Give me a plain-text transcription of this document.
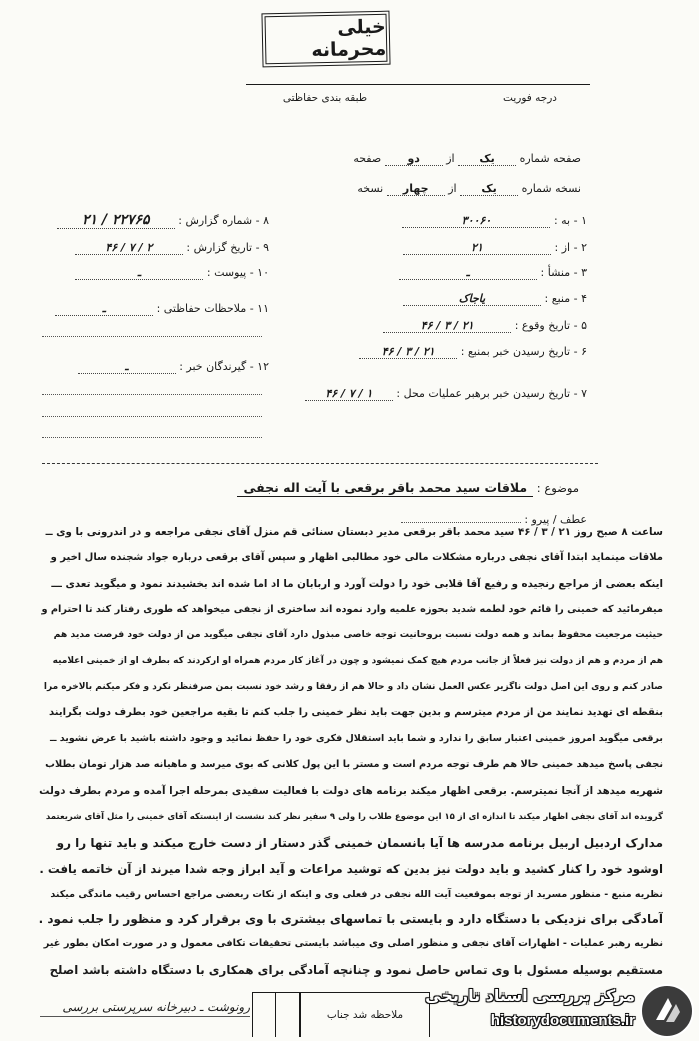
خیلی محرمانه
طبقه بندی حفاظتی	درجه فوریت
صفحه شماره یک از دو صفحه
نسخه شماره یک از چهار نسخه
۱ - به : ۳۰۰۶۰
۲ - از : ۲۱
۳ - منشأ : ـ
۴ - منبع : یاجاک
۵ - تاریخ وقوع : ۲۱ / ۳ / ۴۶
۶ - تاریخ رسیدن خبر بمنبع : ۲۱ / ۳ / ۴۶
۷ - تاریخ رسیدن خبر برهبر عملیات محل : ۱ / ۷ / ۴۶
۸ - شماره گزارش : ۲۲۷۶۵ / ۲۱
۹ - تاریخ گزارش : ۲ / ۷ / ۴۶
۱۰ - پیوست : ـ
۱۱ - ملاحظات حفاظتی : ـ
۱۲ - گیرندگان خبر : ـ
موضوع : ملاقات سید محمد باقر برقعی با آیت اله نجفی
عطف / پیرو :
ساعت ۸ صبح روز ۲۱ / ۳ / ۴۶ سید محمد باقر برقعی مدیر دبستان سنائی قم منزل آقای نجفی مراجعه و در اندرونی با وی ــ
ملاقات مینماید ابتدا آقای نجفی درباره مشکلات مالی خود مطالبی اظهار و سپس آقای برقعی درباره جواد شجنده سال اخیر و
اینکه بعضی از مراجع رنجیده و رفیع آقا قلابی خود را دولت آورد و اربابان ما اد اما شده اند بخشیدند نمود و میگوید تعدی ـــ
میفرمائید که خمینی را قائم خود لطمه شدید بحوزه علمیه وارد نموده اند ساختری از نجفی میخواهد که طوری رفتار کند تا احترام و
حیثیت مرجعیت محفوظ بماند و همه دولت نسبت بروحانیت توجه خاصی مبذول دارد آقای نجفی میگوید من از دولت خود فرصت مدید هم
هم از مردم و هم از دولت نیز فعلاً از جانب مردم هیچ کمک نمیشود و چون در آغاز کار مردم همراه او ارکردند که بطرف او از خمینی اعلامیه
صادر کنم و روی این اصل دولت ناگزیر عکس العمل نشان داد و حالا هم از رفقا و رشد خود نسبت بمن صرفنظر نکرد و فکر میکنم بالاخره مرا
بنقطه ای تهدید نمایند من از مردم میترسم و بدین جهت باید نظر خمینی را جلب کنم تا بقیه مراجعین خود بطرف دولت بگرایند
برقعی میگوید امروز خمینی اعتبار سابق را ندارد و شما باید استقلال فکری خود را حفظ نمائید و وجود داشته باشید با عرض نشوید ــ
نجفی پاسخ میدهد خمینی حالا هم طرف توجه مردم است و مستر با این پول کلانی که بوی میرسد و ماهیانه صد هزار تومان بطلاب
شهریه میدهد از آنجا نمیترسم. برقعی اظهار میکند برنامه های دولت با فعالیت سفیدی بمرحله اجرا آمده و مردم بطرف دولت
گرویده اند آقای نجفی اظهار میکند تا اندازه ای از ۱۵ این موضوع طلاب را ولی ۹ سفیر نظر کند نشست از اینستکه آقای خمینی را مثل آقای شریعتمد
مدارک اردبیل اربیل برنامه مدرسه ها آیا بانسمان خمینی گذر دستار از دست خارج میکند و باید تنها را رو
اوشود خود را کنار کشید و باید دولت نیز بدین که توشید مراعات و آید ابراز وجه شدا میرند از آن خاتمه یافت .
نظریه منبع - منظور مسرید از توجه بموقعیت آیت الله نجفی در فعلی وی و اینکه از نکات ربعضی مراجع احساس رقیب ماندگی میکند
آمادگی برای نزدیکی با دستگاه دارد و بایستی با تماسهای بیشتری با وی برقرار کرد و منظور را جلب نمود .
نظریه رهبر عملیات - اظهارات آقای نجفی و منظور اصلی وی میباشد بایستی تحقیقات تکافی معمول و در صورت امکان بطور غیر
مستقیم بوسیله مسئول با وی تماس حاصل نمود و چنانچه آمادگی برای همکاری با دستگاه داشته باشد اصلح
رونوشت ـ دبیرخانه سرپرستی بررسی
ملاحظه شد جناب
مرکز بررسی اسناد تاریخی
historydocuments.ir
